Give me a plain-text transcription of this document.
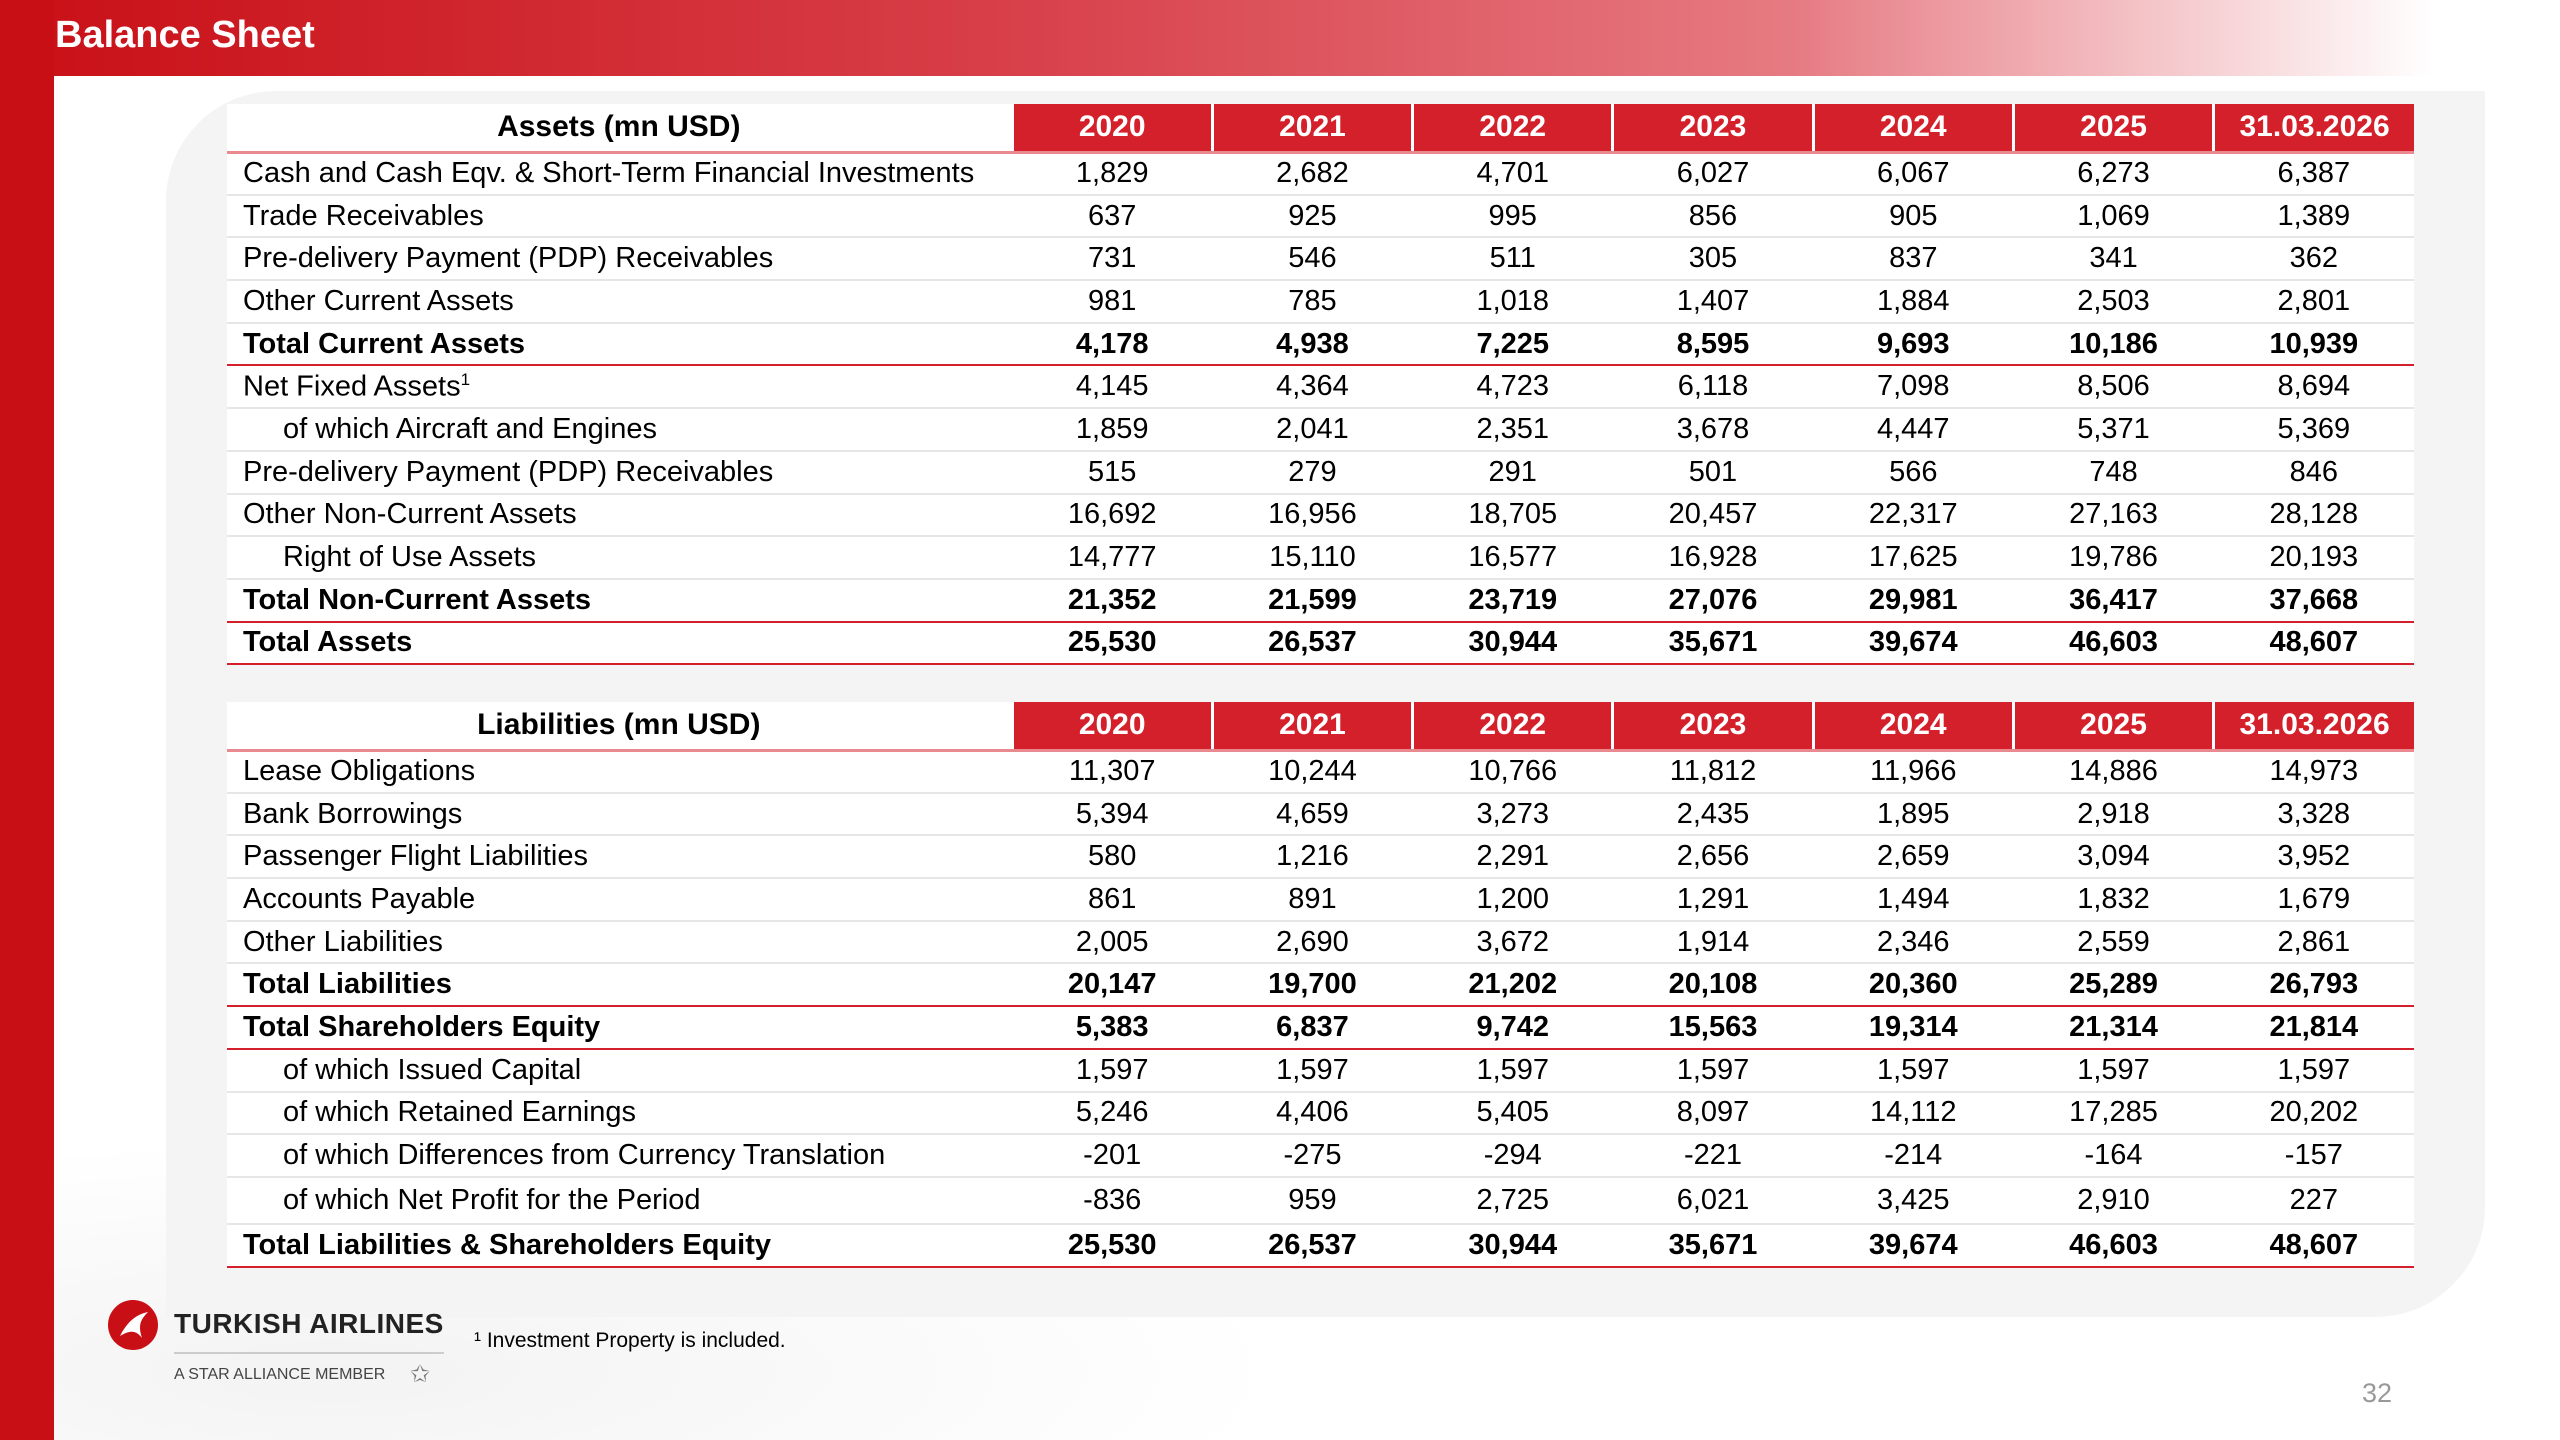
Balance Sheet
Assets (mn USD)	2020	2021	2022	2023	2024	2025	31.03.2026
Cash and Cash Eqv. & Short-Term Financial Investments	1,829	2,682	4,701	6,027	6,067	6,273	6,387
Trade Receivables	637	925	995	856	905	1,069	1,389
Pre-delivery Payment (PDP) Receivables	731	546	511	305	837	341	362
Other Current Assets	981	785	1,018	1,407	1,884	2,503	2,801
Total Current Assets	4,178	4,938	7,225	8,595	9,693	10,186	10,939
Net Fixed Assets$^1$	4,145	4,364	4,723	6,118	7,098	8,506	8,694
of which Aircraft and Engines	1,859	2,041	2,351	3,678	4,447	5,371	5,369
Pre-delivery Payment (PDP) Receivables	515	279	291	501	566	748	846
Other Non-Current Assets	16,692	16,956	18,705	20,457	22,317	27,163	28,128
Right of Use Assets	14,777	15,110	16,577	16,928	17,625	19,786	20,193
Total Non-Current Assets	21,352	21,599	23,719	27,076	29,981	36,417	37,668
Total Assets	25,530	26,537	30,944	35,671	39,674	46,603	48,607
Liabilities (mn USD)	2020	2021	2022	2023	2024	2025	31.03.2026
Lease Obligations	11,307	10,244	10,766	11,812	11,966	14,886	14,973
Bank Borrowings	5,394	4,659	3,273	2,435	1,895	2,918	3,328
Passenger Flight Liabilities	580	1,216	2,291	2,656	2,659	3,094	3,952
Accounts Payable	861	891	1,200	1,291	1,494	1,832	1,679
Other Liabilities	2,005	2,690	3,672	1,914	2,346	2,559	2,861
Total Liabilities	20,147	19,700	21,202	20,108	20,360	25,289	26,793
Total Shareholders Equity	5,383	6,837	9,742	15,563	19,314	21,314	21,814
of which Issued Capital	1,597	1,597	1,597	1,597	1,597	1,597	1,597
of which Retained Earnings	5,246	4,406	5,405	8,097	14,112	17,285	20,202
of which Differences from Currency Translation	-201	-275	-294	-221	-214	-164	-157
of which Net Profit for the Period	-836	959	2,725	6,021	3,425	2,910	227
Total Liabilities & Shareholders Equity	25,530	26,537	30,944	35,671	39,674	46,603	48,607
TURKISH AIRLINES
A STAR ALLIANCE MEMBER ✩
¹ Investment Property is included.
32
